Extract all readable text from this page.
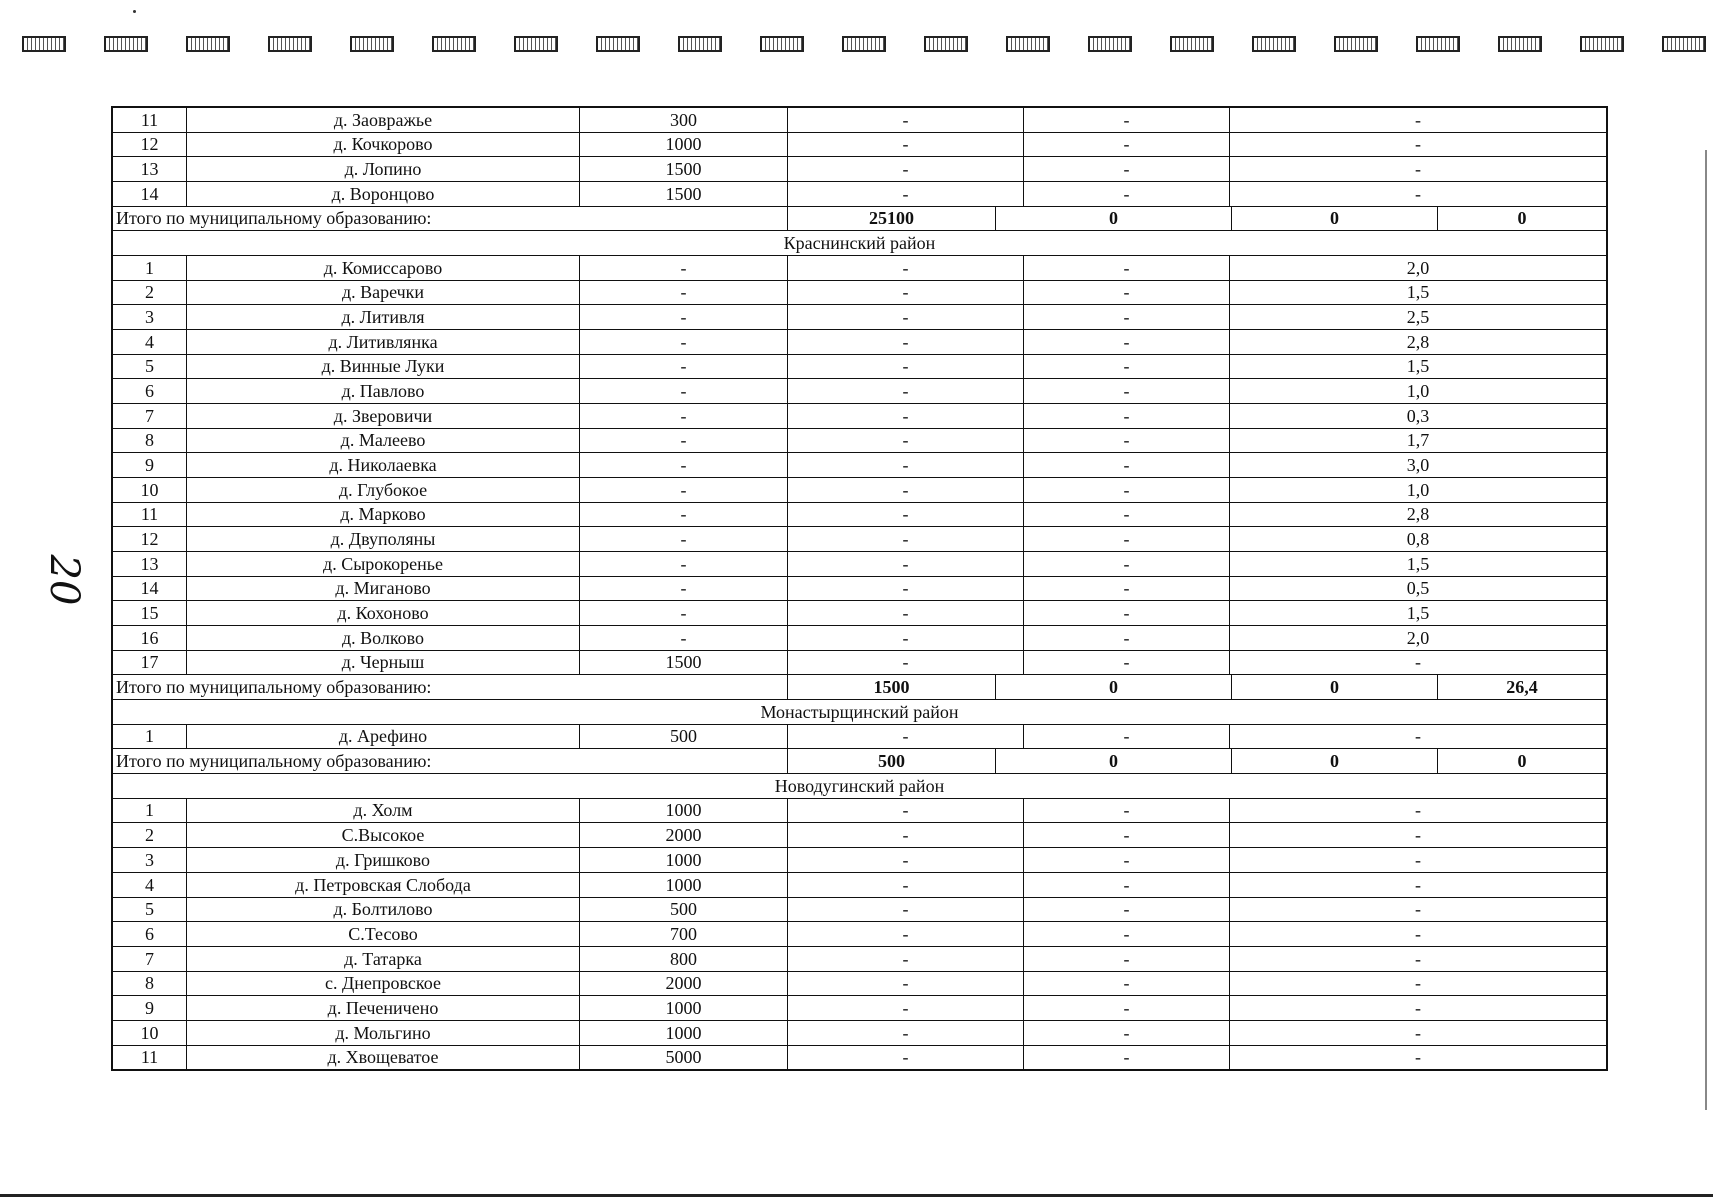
20
11	д. Заовражье	300	-	-	-
12	д. Кочкорово	1000	-	-	-
13	д. Лопино	1500	-	-	-
14	д. Воронцово	1500	-	-	-
Итого по муниципальному образованию:	25100	0	0	0
Краснинский район
1	д. Комиссарово	-	-	-	2,0
2	д. Варечки	-	-	-	1,5
3	д. Литивля	-	-	-	2,5
4	д. Литивлянка	-	-	-	2,8
5	д. Винные Луки	-	-	-	1,5
6	д. Павлово	-	-	-	1,0
7	д. Зверовичи	-	-	-	0,3
8	д. Малеево	-	-	-	1,7
9	д. Николаевка	-	-	-	3,0
10	д. Глубокое	-	-	-	1,0
11	д. Марково	-	-	-	2,8
12	д. Двуполяны	-	-	-	0,8
13	д. Сырокоренье	-	-	-	1,5
14	д. Миганово	-	-	-	0,5
15	д. Кохоново	-	-	-	1,5
16	д. Волково	-	-	-	2,0
17	д. Черныш	1500	-	-	-
Итого по муниципальному образованию:	1500	0	0	26,4
Монастырщинский район
1	д. Арефино	500	-	-	-
Итого по муниципальному образованию:	500	0	0	0
Новодугинский район
1	д. Холм	1000	-	-	-
2	С.Высокое	2000	-	-	-
3	д. Гришково	1000	-	-	-
4	д. Петровская Слобода	1000	-	-	-
5	д. Болтилово	500	-	-	-
6	С.Тесово	700	-	-	-
7	д. Татарка	800	-	-	-
8	с. Днепровское	2000	-	-	-
9	д. Печеничено	1000	-	-	-
10	д. Мольгино	1000	-	-	-
11	д. Хвощеватое	5000	-	-	-
